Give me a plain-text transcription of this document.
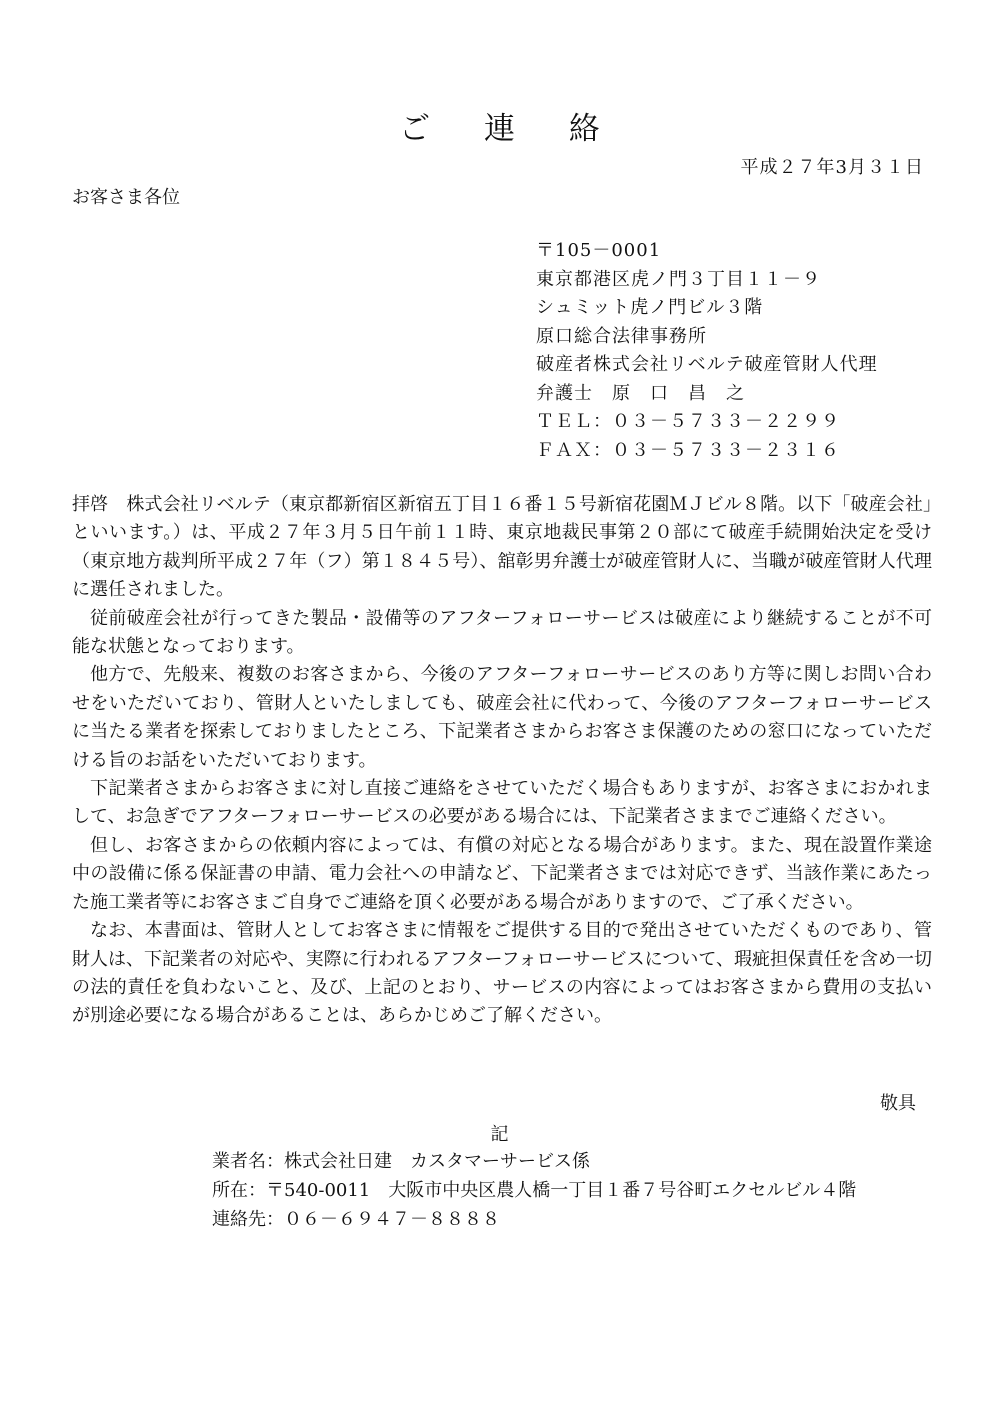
ご 連 絡
平成２７年3月３１日
お客さま各位
〒105－0001
東京都港区虎ノ門３丁目１１－９
シュミット虎ノ門ビル３階
原口総合法律事務所
破産者株式会社リベルテ破産管財人代理
弁護士　原　口　昌　之
ＴＥＬ：０３－５７３３－２２９９
ＦＡＸ：０３－５７３３－２３１６

拝啓　株式会社リベルテ（東京都新宿区新宿五丁目１６番１５号新宿花園ＭＪビル８階。以下「破産会社」といいます。）は、平成２７年３月５日午前１１時、東京地裁民事第２０部にて破産手続開始決定を受け（東京地方裁判所平成２７年（フ）第１８４５号）、舘彰男弁護士が破産管財人に、当職が破産管財人代理に選任されました。

従前破産会社が行ってきた製品・設備等のアフターフォローサービスは破産により継続することが不可能な状態となっております。

他方で、先般来、複数のお客さまから、今後のアフターフォローサービスのあり方等に関しお問い合わせをいただいており、管財人といたしましても、破産会社に代わって、今後のアフターフォローサービスに当たる業者を探索しておりましたところ、下記業者さまからお客さま保護のための窓口になっていただける旨のお話をいただいております。

下記業者さまからお客さまに対し直接ご連絡をさせていただく場合もありますが、お客さまにおかれまして、お急ぎでアフターフォローサービスの必要がある場合には、下記業者さままでご連絡ください。

但し、お客さまからの依頼内容によっては、有償の対応となる場合があります。また、現在設置作業途中の設備に係る保証書の申請、電力会社への申請など、下記業者さまでは対応できず、当該作業にあたった施工業者等にお客さまご自身でご連絡を頂く必要がある場合がありますので、ご了承ください。

なお、本書面は、管財人としてお客さまに情報をご提供する目的で発出させていただくものであり、管財人は、下記業者の対応や、実際に行われるアフターフォローサービスについて、瑕疵担保責任を含め一切の法的責任を負わないこと、及び、上記のとおり、サービスの内容によってはお客さまから費用の支払いが別途必要になる場合があることは、あらかじめご了解ください。

敬具
記
業者名：株式会社日建　カスタマーサービス係
所在：〒540-0011　大阪市中央区農人橋一丁目１番７号谷町エクセルビル４階
連絡先：０６－６９４７－８８８８
